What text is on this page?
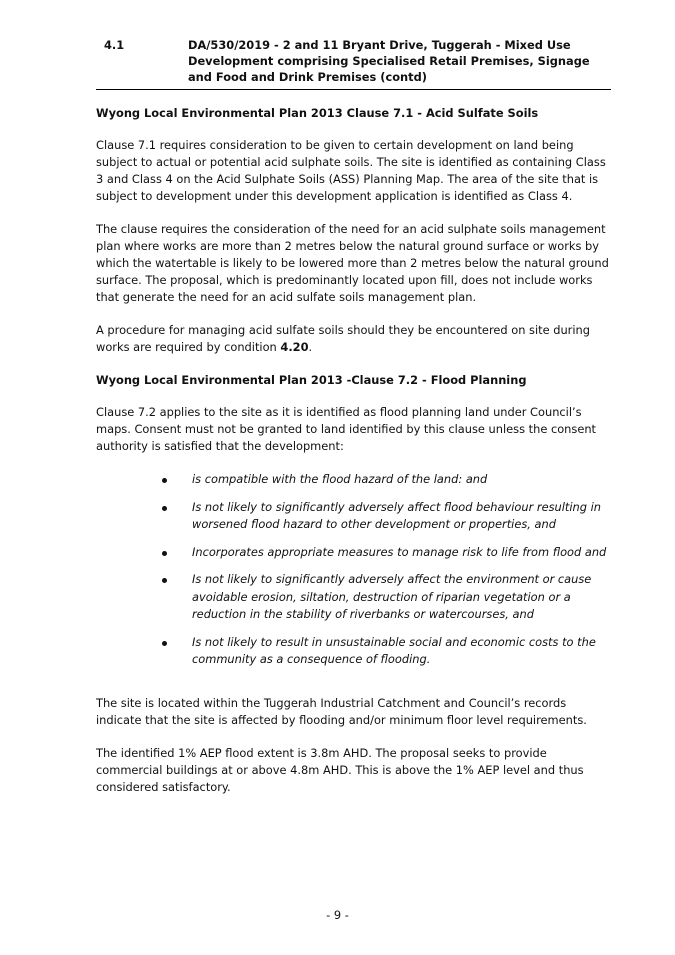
4.1	DA/530/2019 - 2 and 11 Bryant Drive, Tuggerah - Mixed Use Development comprising Specialised Retail Premises, Signage and Food and Drink Premises (contd)
Wyong Local Environmental Plan 2013 Clause 7.1 - Acid Sulfate Soils

Clause 7.1 requires consideration to be given to certain development on land being subject to actual or potential acid sulphate soils. The site is identified as containing Class 3 and Class 4 on the Acid Sulphate Soils (ASS) Planning Map. The area of the site that is subject to development under this development application is identified as Class 4.

The clause requires the consideration of the need for an acid sulphate soils management plan where works are more than 2 metres below the natural ground surface or works by which the watertable is likely to be lowered more than 2 metres below the natural ground surface. The proposal, which is predominantly located upon fill, does not include works that generate the need for an acid sulfate soils management plan.

A procedure for managing acid sulfate soils should they be encountered on site during works are required by condition 4.20.

Wyong Local Environmental Plan 2013 -Clause 7.2 - Flood Planning

Clause 7.2 applies to the site as it is identified as flood planning land under Council’s maps. Consent must not be granted to land identified by this clause unless the consent authority is satisfied that the development:

is compatible with the flood hazard of the land: and
Is not likely to significantly adversely affect flood behaviour resulting in worsened flood hazard to other development or properties, and
Incorporates appropriate measures to manage risk to life from flood and
Is not likely to significantly adversely affect the environment or cause avoidable erosion, siltation, destruction of riparian vegetation or a reduction in the stability of riverbanks or watercourses, and
Is not likely to result in unsustainable social and economic costs to the community as a consequence of flooding.

The site is located within the Tuggerah Industrial Catchment and Council’s records indicate that the site is affected by flooding and/or minimum floor level requirements.

The identified 1% AEP flood extent is 3.8m AHD. The proposal seeks to provide commercial buildings at or above 4.8m AHD. This is above the 1% AEP level and thus considered satisfactory.

- 9 -
